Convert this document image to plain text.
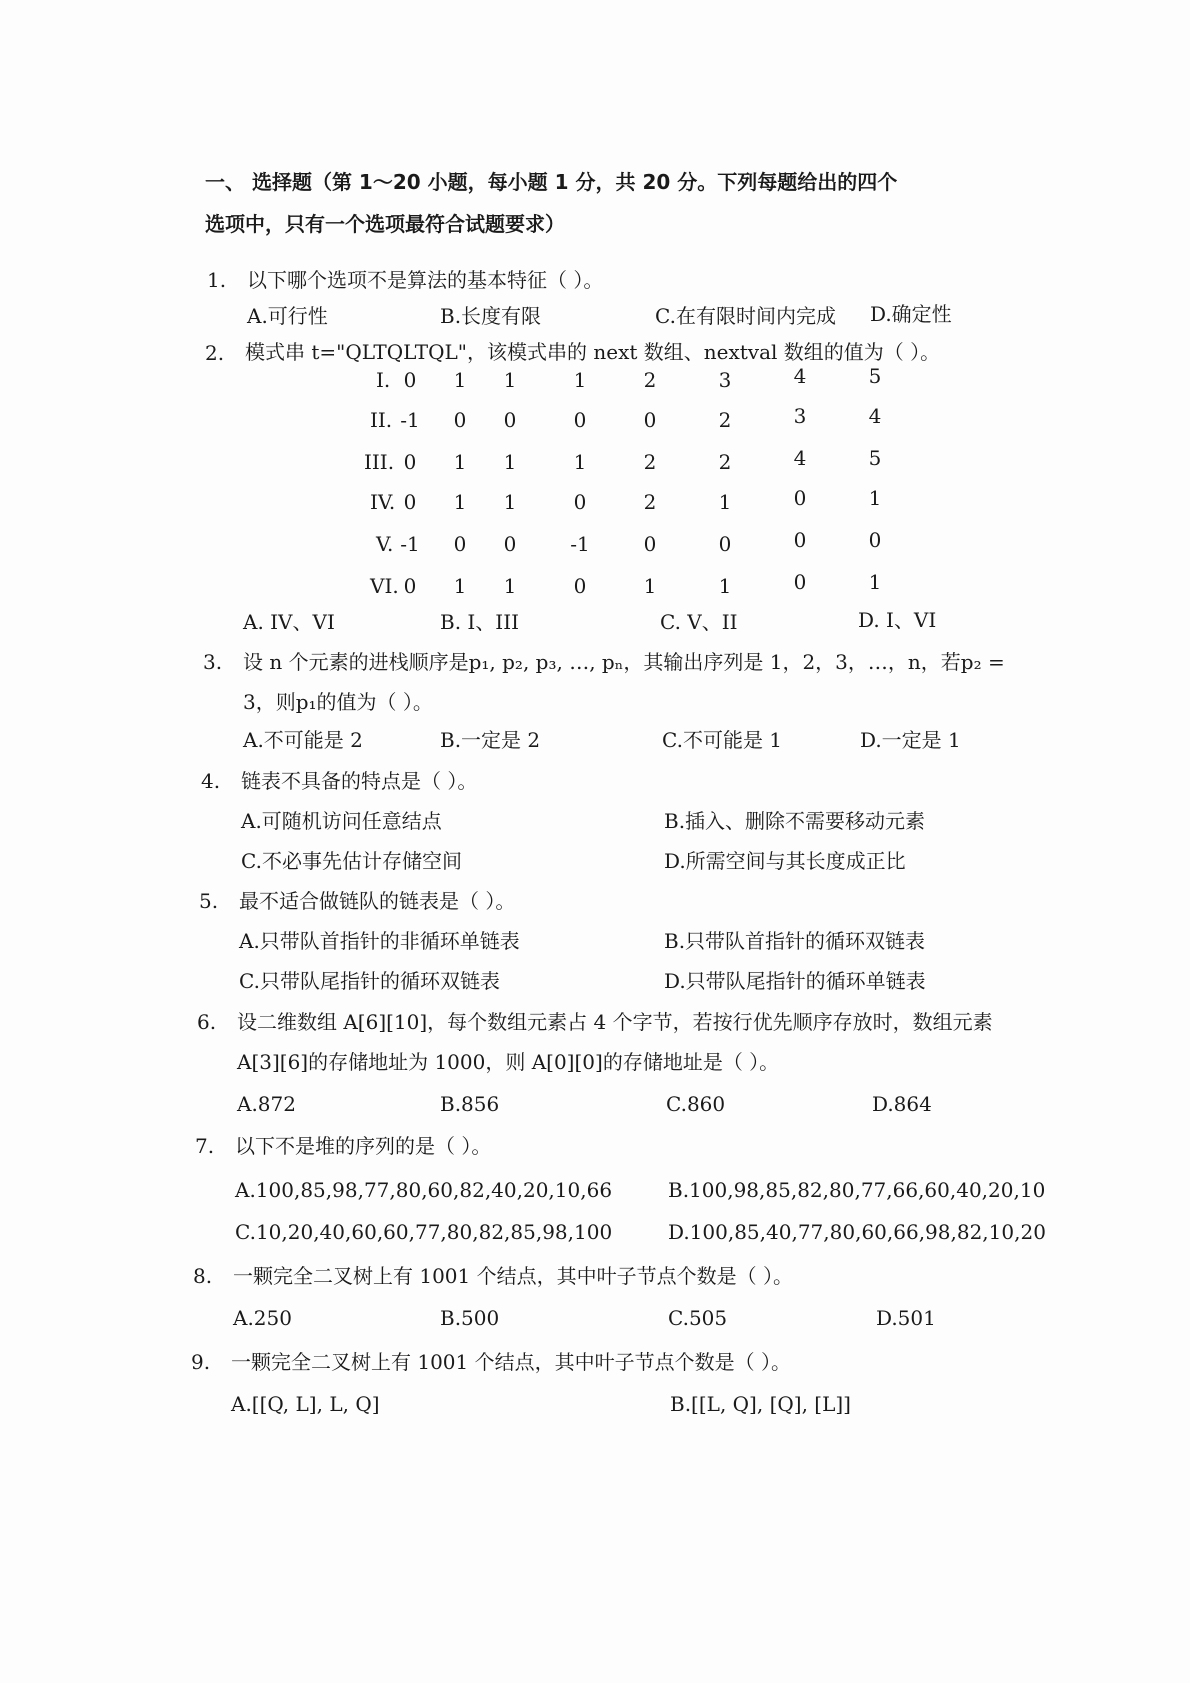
一、 选择题（第 1～20 小题，每小题 1 分，共 20 分。下列每题给出的四个
选项中，只有一个选项最符合试题要求）
1. 以下哪个选项不是算法的基本特征（ ）。
A.可行性	B.长度有限	C.在有限时间内完成 D.确定性
2. 模式串 t="QLTQLTQL"，该模式串的 next 数组、nextval 数组的值为（ ）。
I. 0	1	1	1	2	3	4	5
II. -1	0	0	0	0	2	3	4
III. 0	1	1	1	2	2	4	5
IV. 0	1	1	0	2	1	0	1
V. -1	0	0	-1	0	0	0	0
VI. 0	1	1	0	1	1	0	1
A. IV、VI	B. I、III	C. V、II	D. I、VI
3. 设 n 个元素的进栈顺序是p₁, p₂, p₃, …, pₙ，其输出序列是 1，2，3，…，n，若p₂ =
3，则p₁的值为（ ）。
A.不可能是 2	B.一定是 2	C.不可能是 1	D.一定是 1
4. 链表不具备的特点是（ ）。
A.可随机访问任意结点	B.插入、删除不需要移动元素
C.不必事先估计存储空间	D.所需空间与其长度成正比
5. 最不适合做链队的链表是（ ）。
A.只带队首指针的非循环单链表	B.只带队首指针的循环双链表
C.只带队尾指针的循环双链表	D.只带队尾指针的循环单链表
6. 设二维数组 A[6][10]，每个数组元素占 4 个字节，若按行优先顺序存放时，数组元素
A[3][6]的存储地址为 1000，则 A[0][0]的存储地址是（ ）。
A.872	B.856	C.860	D.864
7. 以下不是堆的序列的是（ ）。
A.100,85,98,77,80,60,82,40,20,10,66	B.100,98,85,82,80,77,66,60,40,20,10
C.10,20,40,60,60,77,80,82,85,98,100	D.100,85,40,77,80,60,66,98,82,10,20
8. 一颗完全二叉树上有 1001 个结点，其中叶子节点个数是（ ）。
A.250	B.500	C.505	D.501
9. 一颗完全二叉树上有 1001 个结点，其中叶子节点个数是（ ）。
A.[[Q, L], L, Q]	B.[[L, Q], [Q], [L]]
